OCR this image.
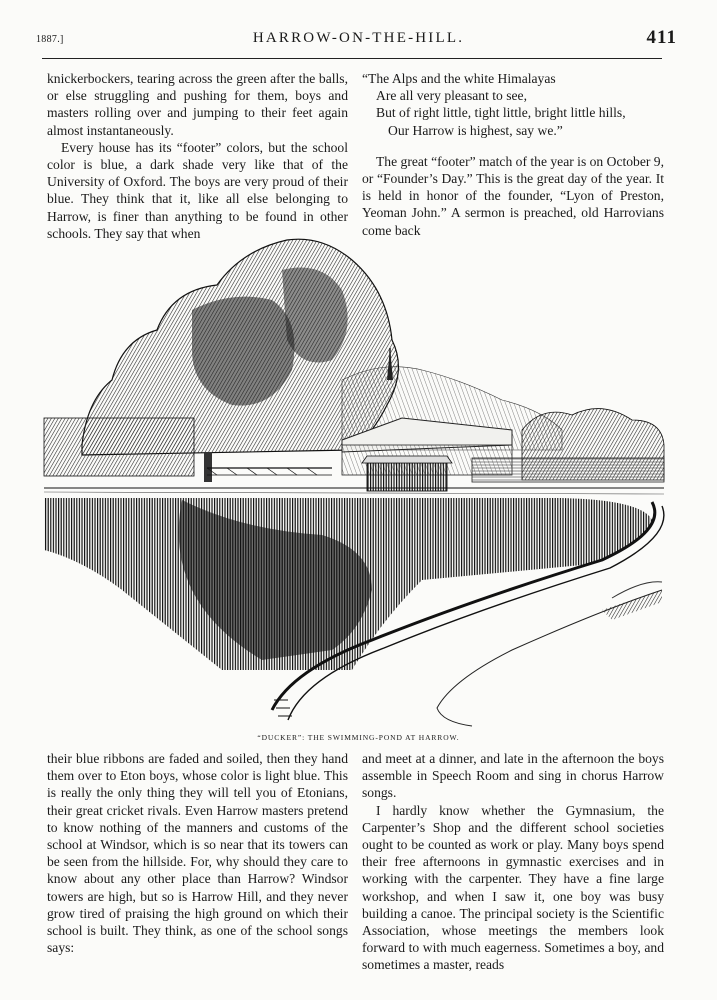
1887.]	HARROW-ON-THE-HILL.	411

knickerbockers, tearing across the green after the balls, or else struggling and pushing for them, boys and masters rolling over and jumping to their feet again almost instantaneously.

Every house has its “footer” colors, but the school color is blue, a dark shade very like that of the University of Oxford. The boys are very proud of their blue. They think that it, like all else belonging to Harrow, is finer than anything to be found in other schools. They say that when

“The Alps and the white Himalayas

Are all very pleasant to see,

But of right little, tight little, bright little hills,

Our Harrow is highest, say we.”

The great “footer” match of the year is on October 9, or “Founder’s Day.” This is the great day of the year. It is held in honor of the founder, “Lyon of Preston, Yeoman John.” A sermon is preached, old Harrovians come back

“DUCKER”: THE SWIMMING-POND AT HARROW.

their blue ribbons are faded and soiled, then they hand them over to Eton boys, whose color is light blue. This is really the only thing they will tell you of Etonians, their great cricket rivals. Even Harrow masters pretend to know nothing of the manners and customs of the school at Windsor, which is so near that its towers can be seen from the hillside. For, why should they care to know about any other place than Harrow? Windsor towers are high, but so is Harrow Hill, and they never grow tired of praising the high ground on which their school is built. They think, as one of the school songs says:

and meet at a dinner, and late in the afternoon the boys assemble in Speech Room and sing in chorus Harrow songs.

I hardly know whether the Gymnasium, the Carpenter’s Shop and the different school societies ought to be counted as work or play. Many boys spend their free afternoons in gymnastic exercises and in working with the carpenter. They have a fine large workshop, and when I saw it, one boy was busy building a canoe. The principal society is the Scientific Association, whose meetings the members look forward to with much eagerness. Sometimes a boy, and sometimes a master, reads
